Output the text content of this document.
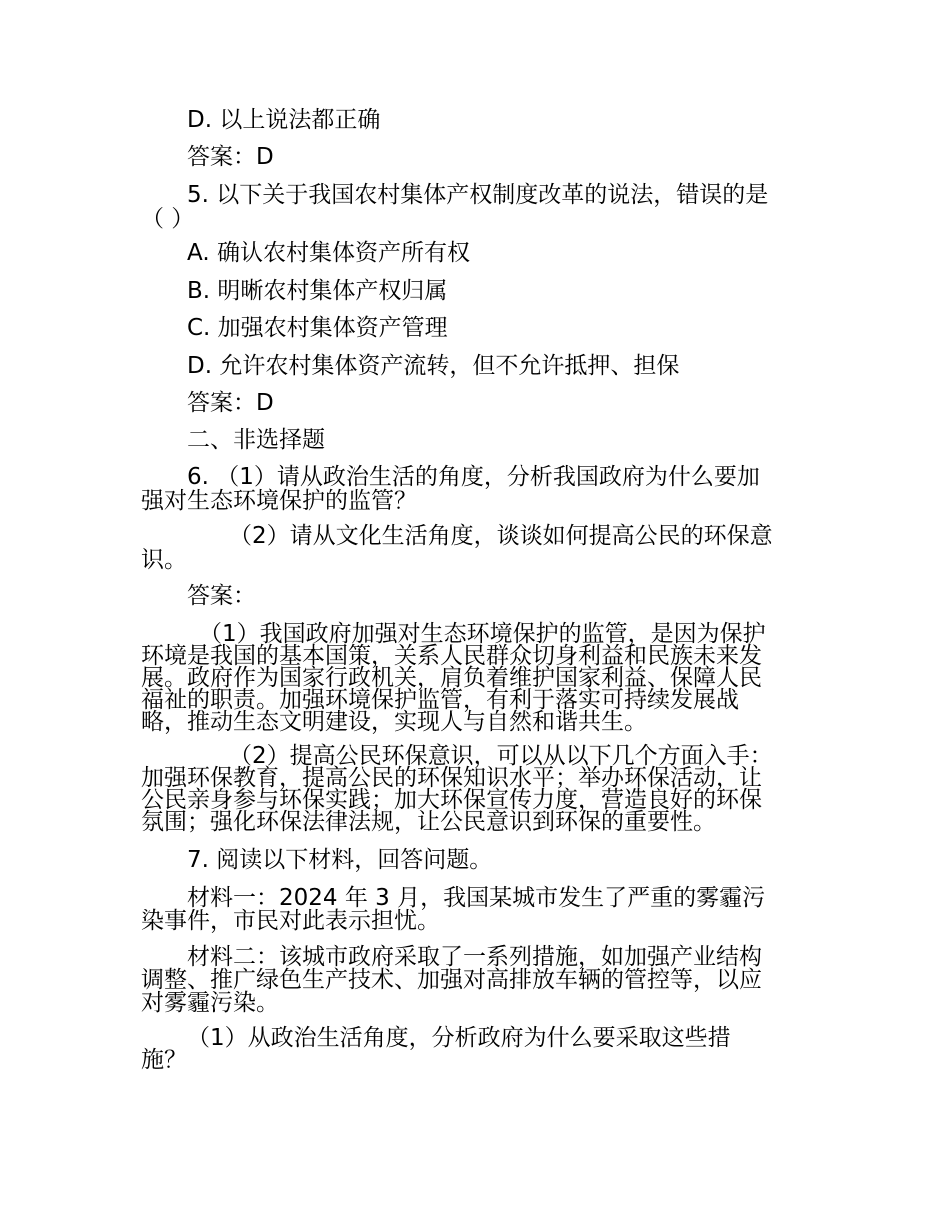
D. 以上说法都正确

答案：D

5. 以下关于我国农村集体产权制度改革的说法，错误的是

（ ）

A. 确认农村集体资产所有权

B. 明晰农村集体产权归属

C. 加强农村集体资产管理

D. 允许农村集体资产流转，但不允许抵押、担保

答案：D

二、非选择题

6. （1）请从政治生活的角度，分析我国政府为什么要加

强对生态环境保护的监管？

（2）请从文化生活角度，谈谈如何提高公民的环保意

识。

答案：

（1）我国政府加强对生态环境保护的监管，是因为保护

环境是我国的基本国策，关系人民群众切身利益和民族未来发

展。政府作为国家行政机关，肩负着维护国家利益、保障人民

福祉的职责。加强环境保护监管，有利于落实可持续发展战

略，推动生态文明建设，实现人与自然和谐共生。

（2）提高公民环保意识，可以从以下几个方面入手：

加强环保教育，提高公民的环保知识水平；举办环保活动，让

公民亲身参与环保实践；加大环保宣传力度，营造良好的环保

氛围；强化环保法律法规，让公民意识到环保的重要性。

7. 阅读以下材料，回答问题。

材料一：2024 年 3 月，我国某城市发生了严重的雾霾污

染事件，市民对此表示担忧。

材料二：该城市政府采取了一系列措施，如加强产业结构

调整、推广绿色生产技术、加强对高排放车辆的管控等，以应

对雾霾污染。

（1）从政治生活角度，分析政府为什么要采取这些措

施？
